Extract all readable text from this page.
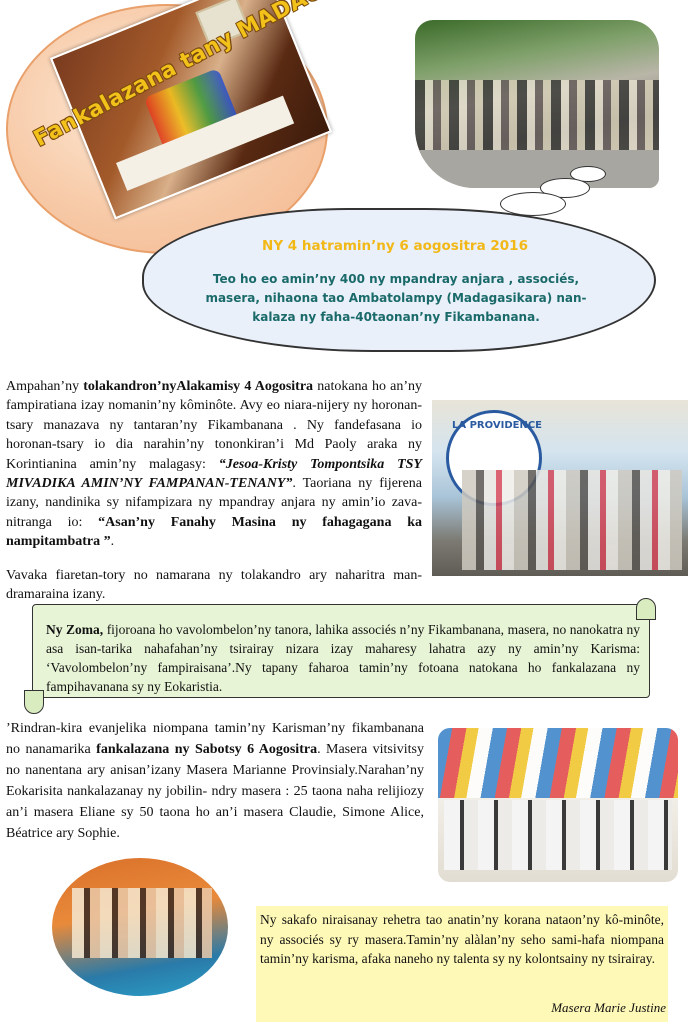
Fankalazana tany
NY 4 hatramin’ny 6 aogositra 2016
Teo ho eo amin’ny 400 ny mpandray anjara , associés, masera, nihaona tao Ambatolampy (Madagasikara) nan-kalaza ny faha-40taonan’ny Fikambanana.
Ampahan’ny tolakandron’nyAlakamisy 4 Aogositra natokana ho an’ny fampiratiana izay nomanin’ny kôminôte. Avy eo niara-nijery ny horonan-tsary manazava ny tantaran’ny Fikambanana . Ny fandefasana io horonan-tsary io dia narahin’ny tononkiran’i Md Paoly araka ny Korintianina amin’ny malagasy: “Jesoa-Kristy Tompontsika TSY MIVADIKA AMIN’NY FAMPANAN-TENANY”. Taoriana ny fijerena izany, nandinika sy nifampizara ny mpandray anjara ny amin’io zava-nitranga io: “Asan’ny Fanahy Masina ny fahagagana ka nampitambatra ”.
Vavaka fiaretan-tory no namarana ny tolakandro ary naharitra man-dramaraina izany.
LA PROVIDENCE
Ny Zoma, fijoroana ho vavolombelon’ny tanora, lahika associés n’ny Fikambanana, masera, no nanokatra ny asa isan-tarika nahafahan’ny tsirairay nizara izay maharesy lahatra azy ny amin’ny Karisma: ‘Vavolombelon’ny fampiraisana’.Ny tapany faharoa tamin’ny fotoana natokana ho fankalazana ny fampihavanana sy ny Eokaristia.
’Rindran-kira evanjelika niompana tamin’ny Karisman’ny fikambanana no nanamarika fankalazana ny Sabotsy 6 Aogositra. Masera vitsivitsy no nanentana ary anisan’izany Masera Marianne Provinsialy.Narahan’ny Eokarisita nankalazanay ny jobilin- ndry masera : 25 taona naha relijiozy an’i masera Eliane sy 50 taona ho an’i masera Claudie, Simone Alice, Béatrice ary Sophie.
Ny sakafo niraisanay rehetra tao anatin’ny korana nataon’ny kô-minôte, ny associés sy ry masera.Tamin’ny alàlan’ny seho sami-hafa niompana tamin’ny karisma, afaka naneho ny talenta sy ny kolontsainy ny tsirairay.
Masera Marie Justine
